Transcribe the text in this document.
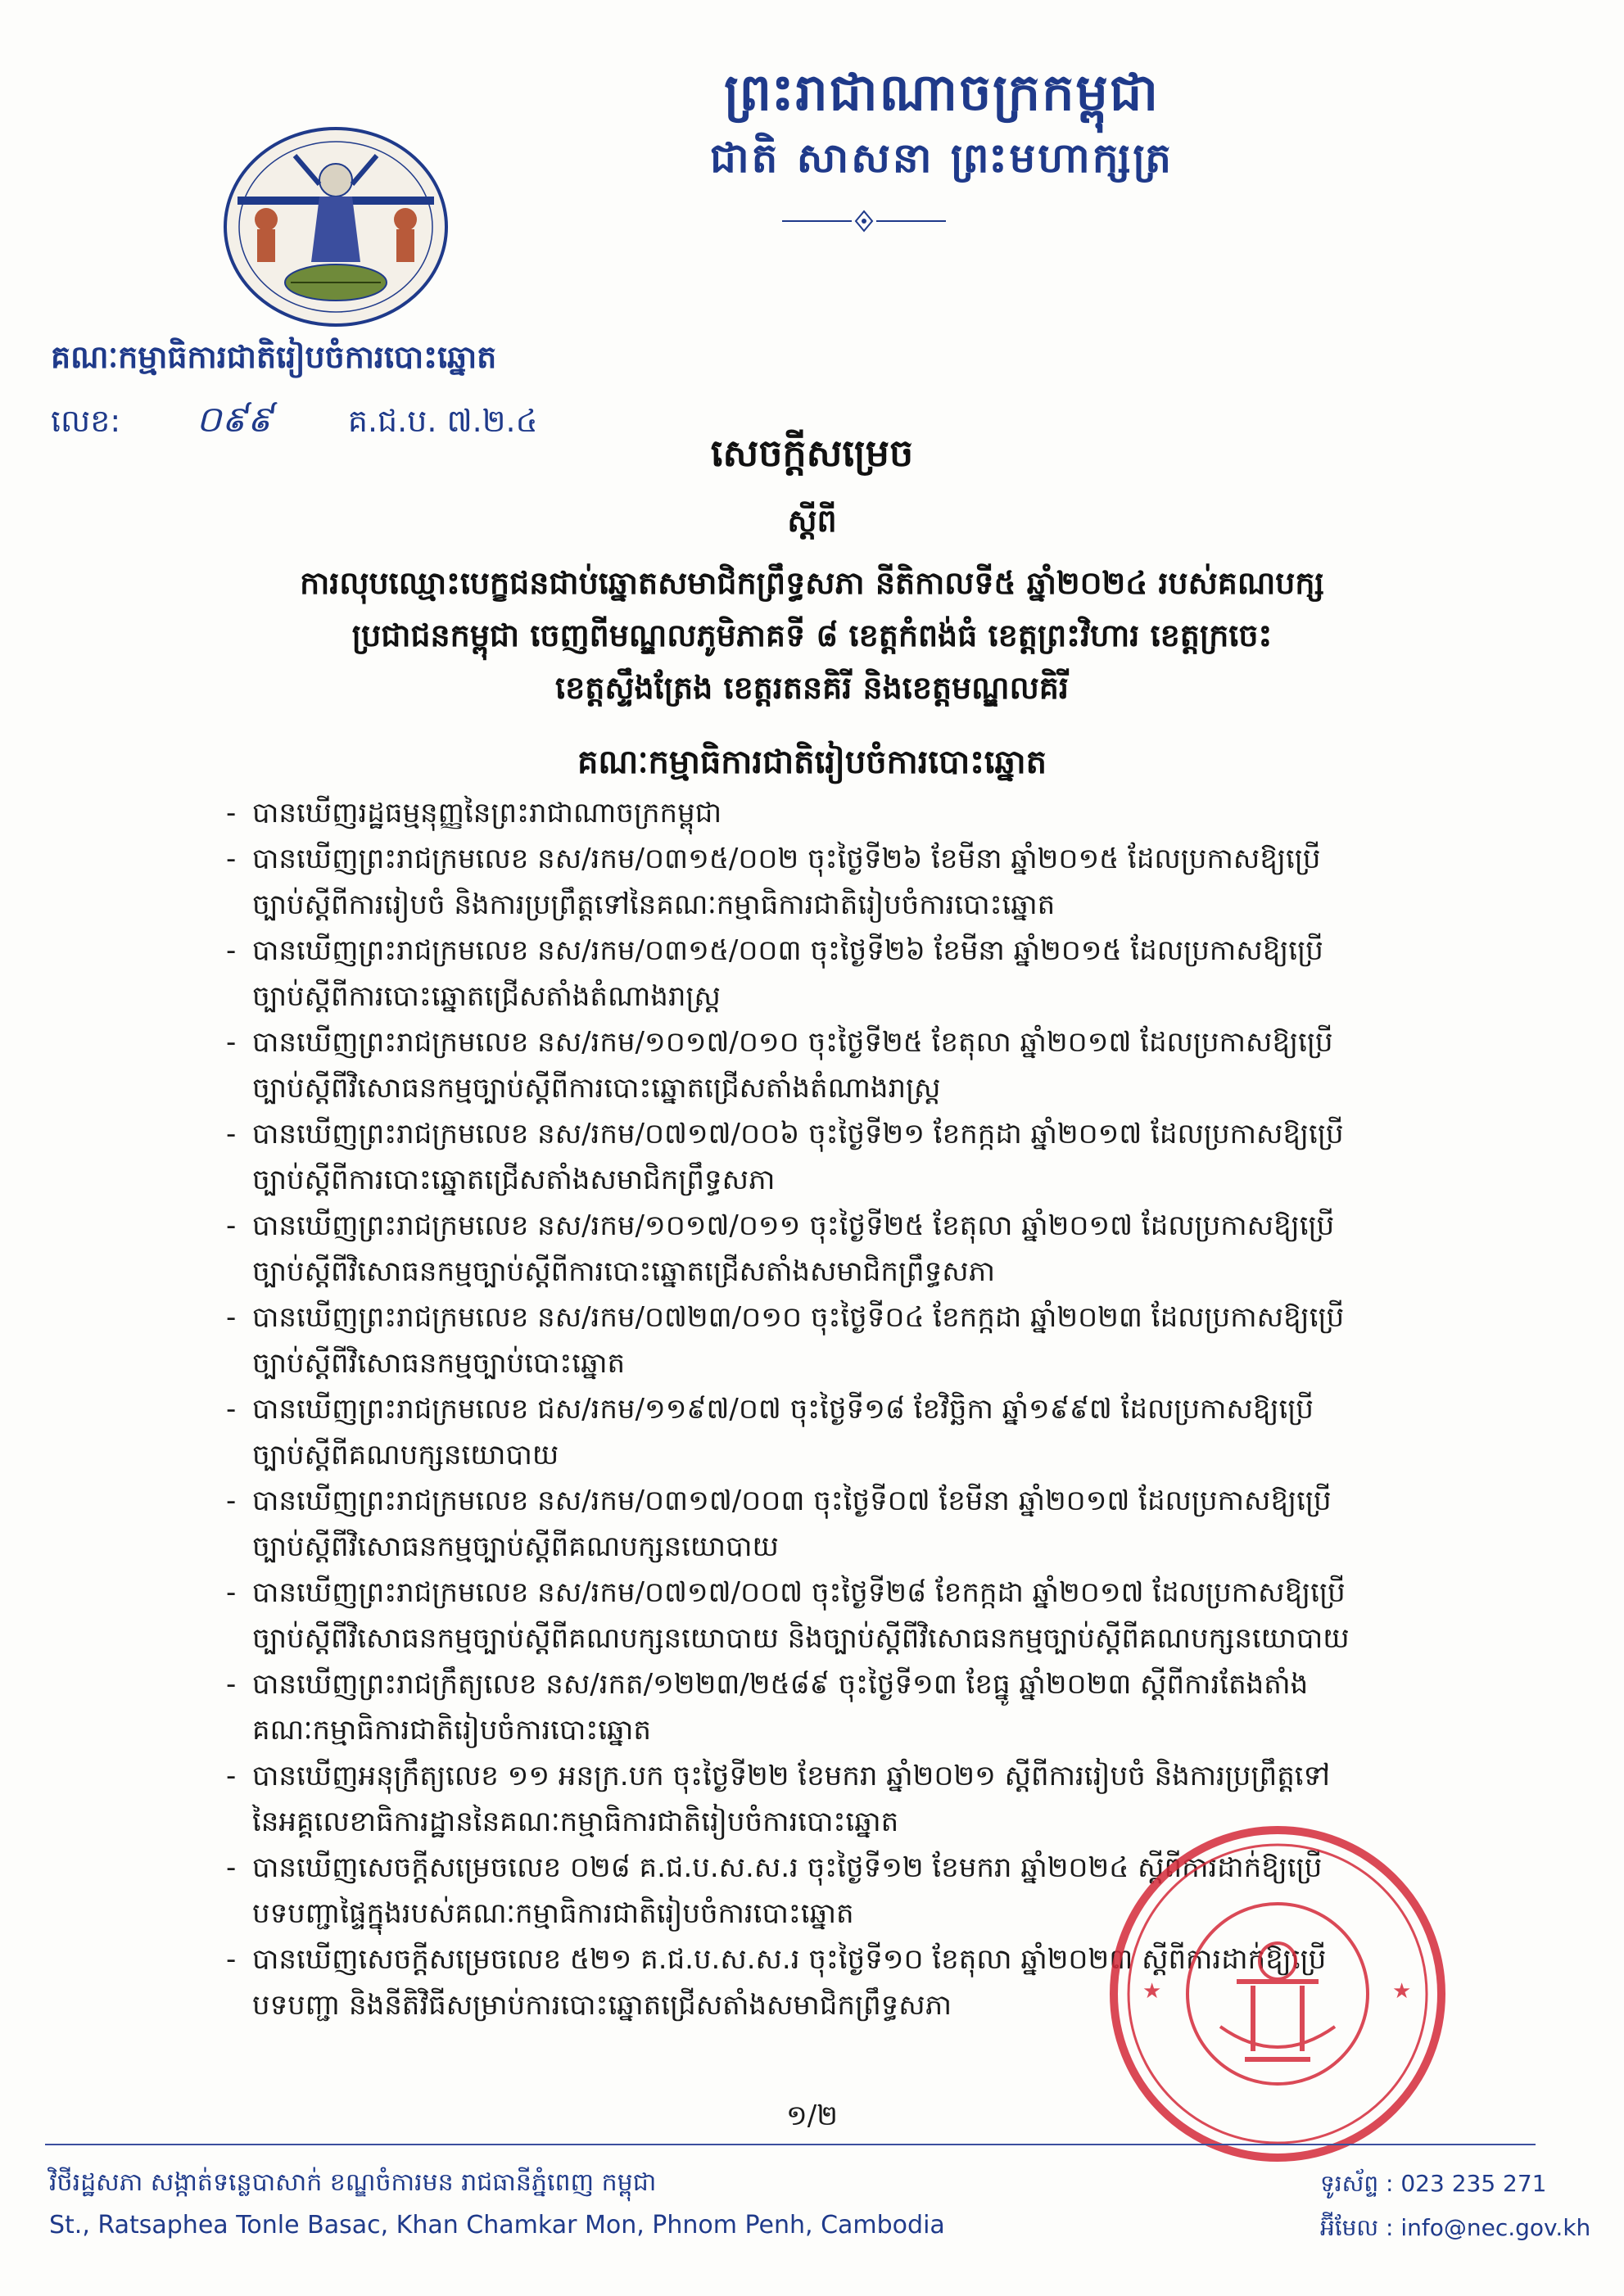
ព្រះរាជាណាចក្រកម្ពុជា
ជាតិ សាសនា ព្រះមហាក្សត្រ
គណៈកម្មាធិការជាតិរៀបចំការបោះឆ្នោត
លេខ: ០៩៩ គ.ជ.ប. ៧.២.៤
សេចក្តីសម្រេច
ស្តីពី
ការលុបឈ្មោះបេក្ខជនជាប់ឆ្នោតសមាជិកព្រឹទ្ធសភា នីតិកាលទី៥ ឆ្នាំ២០២៤ របស់គណបក្ស
ប្រជាជនកម្ពុជា ចេញពីមណ្ឌលភូមិភាគទី ៨ ខេត្តកំពង់ធំ ខេត្តព្រះវិហារ ខេត្តក្រចេះ
ខេត្តស្ទឹងត្រែង ខេត្តរតនគិរី និងខេត្តមណ្ឌលគិរី
គណៈកម្មាធិការជាតិរៀបចំការបោះឆ្នោត
- បានឃើញរដ្ឋធម្មនុញ្ញនៃព្រះរាជាណាចក្រកម្ពុជា
- បានឃើញព្រះរាជក្រមលេខ នស/រកម/០៣១៥/០០២ ចុះថ្ងៃទី២៦ ខែមីនា ឆ្នាំ២០១៥ ដែលប្រកាសឱ្យប្រើ
ច្បាប់ស្តីពីការរៀបចំ និងការប្រព្រឹត្តទៅនៃគណៈកម្មាធិការជាតិរៀបចំការបោះឆ្នោត
- បានឃើញព្រះរាជក្រមលេខ នស/រកម/០៣១៥/០០៣ ចុះថ្ងៃទី២៦ ខែមីនា ឆ្នាំ២០១៥ ដែលប្រកាសឱ្យប្រើ
ច្បាប់ស្តីពីការបោះឆ្នោតជ្រើសតាំងតំណាងរាស្ត្រ
- បានឃើញព្រះរាជក្រមលេខ នស/រកម/១០១៧/០១០ ចុះថ្ងៃទី២៥ ខែតុលា ឆ្នាំ២០១៧ ដែលប្រកាសឱ្យប្រើ
ច្បាប់ស្តីពីវិសោធនកម្មច្បាប់ស្តីពីការបោះឆ្នោតជ្រើសតាំងតំណាងរាស្ត្រ
- បានឃើញព្រះរាជក្រមលេខ នស/រកម/០៧១៧/០០៦ ចុះថ្ងៃទី២១ ខែកក្កដា ឆ្នាំ២០១៧ ដែលប្រកាសឱ្យប្រើ
ច្បាប់ស្តីពីការបោះឆ្នោតជ្រើសតាំងសមាជិកព្រឹទ្ធសភា
- បានឃើញព្រះរាជក្រមលេខ នស/រកម/១០១៧/០១១ ចុះថ្ងៃទី២៥ ខែតុលា ឆ្នាំ២០១៧ ដែលប្រកាសឱ្យប្រើ
ច្បាប់ស្តីពីវិសោធនកម្មច្បាប់ស្តីពីការបោះឆ្នោតជ្រើសតាំងសមាជិកព្រឹទ្ធសភា
- បានឃើញព្រះរាជក្រមលេខ នស/រកម/០៧២៣/០១០ ចុះថ្ងៃទី០៤ ខែកក្កដា ឆ្នាំ២០២៣ ដែលប្រកាសឱ្យប្រើ
ច្បាប់ស្តីពីវិសោធនកម្មច្បាប់បោះឆ្នោត
- បានឃើញព្រះរាជក្រមលេខ ជស/រកម/១១៩៧/០៧ ចុះថ្ងៃទី១៨ ខែវិច្ឆិកា ឆ្នាំ១៩៩៧ ដែលប្រកាសឱ្យប្រើ
ច្បាប់ស្តីពីគណបក្សនយោបាយ
- បានឃើញព្រះរាជក្រមលេខ នស/រកម/០៣១៧/០០៣ ចុះថ្ងៃទី០៧ ខែមីនា ឆ្នាំ២០១៧ ដែលប្រកាសឱ្យប្រើ
ច្បាប់ស្តីពីវិសោធនកម្មច្បាប់ស្តីពីគណបក្សនយោបាយ
- បានឃើញព្រះរាជក្រមលេខ នស/រកម/០៧១៧/០០៧ ចុះថ្ងៃទី២៨ ខែកក្កដា ឆ្នាំ២០១៧ ដែលប្រកាសឱ្យប្រើ
ច្បាប់ស្តីពីវិសោធនកម្មច្បាប់ស្តីពីគណបក្សនយោបាយ និងច្បាប់ស្តីពីវិសោធនកម្មច្បាប់ស្តីពីគណបក្សនយោបាយ
- បានឃើញព្រះរាជក្រឹត្យលេខ នស/រកត/១២២៣/២៥៨៩ ចុះថ្ងៃទី១៣ ខែធ្នូ ឆ្នាំ២០២៣ ស្តីពីការតែងតាំង
គណៈកម្មាធិការជាតិរៀបចំការបោះឆ្នោត
- បានឃើញអនុក្រឹត្យលេខ ១១ អនក្រ.បក ចុះថ្ងៃទី២២ ខែមករា ឆ្នាំ២០២១ ស្តីពីការរៀបចំ និងការប្រព្រឹត្តទៅ
នៃអគ្គលេខាធិការដ្ឋាននៃគណៈកម្មាធិការជាតិរៀបចំការបោះឆ្នោត
- បានឃើញសេចក្តីសម្រេចលេខ ០២៨ គ.ជ.ប.ស.ស.រ ចុះថ្ងៃទី១២ ខែមករា ឆ្នាំ២០២៤ ស្តីពីការដាក់ឱ្យប្រើ
បទបញ្ជាផ្ទៃក្នុងរបស់គណៈកម្មាធិការជាតិរៀបចំការបោះឆ្នោត
- បានឃើញសេចក្តីសម្រេចលេខ ៥២១ គ.ជ.ប.ស.ស.រ ចុះថ្ងៃទី១០ ខែតុលា ឆ្នាំ២០២៣ ស្តីពីការដាក់ឱ្យប្រើ
បទបញ្ជា និងនីតិវិធីសម្រាប់ការបោះឆ្នោតជ្រើសតាំងសមាជិកព្រឹទ្ធសភា	★	★
១/២
វិថីរដ្ឋសភា សង្កាត់ទន្លេបាសាក់ ខណ្ឌចំការមន រាជធានីភ្នំពេញ កម្ពុជា
St., Ratsaphea Tonle Basac, Khan Chamkar Mon, Phnom Penh, Cambodia
ទូរស័ព្ទ : 023 235 271
អ៊ីមែល : info@nec.gov.kh
